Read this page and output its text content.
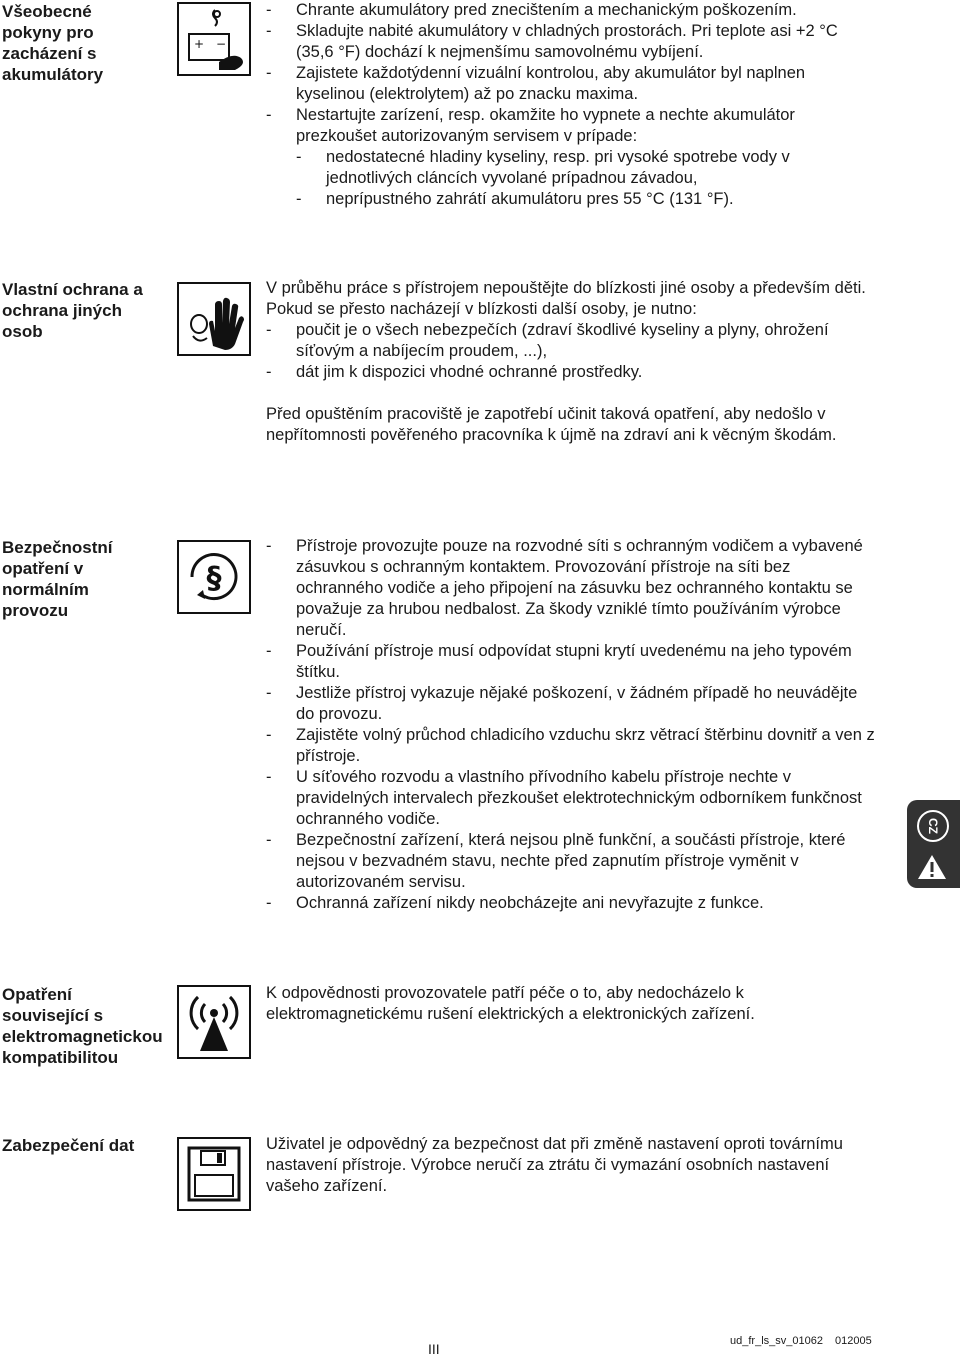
Všeobecné pokyny pro zacházení s akumulátory
+ −
- Chrante akumulátory pred znecištením a mechanickým poškozením.
- Skladujte nabité akumulátory v chladných prostorách. Pri teplote asi +2 °C (35,6 °F) dochází k nejmenšímu samovolnému vybíjení.
- Zajistete každotýdenní vizuální kontrolou, aby akumulátor byl naplnen kyselinou (elektrolytem) až po znacku maxima.
- Nestartujte zarízení, resp. okamžite ho vypnete a nechte akumulátor prezkoušet autorizovaným servisem v prípade:
- nedostatecné hladiny kyseliny, resp. pri vysoké spotrebe vody v jednotlivých cláncích vyvolané prípadnou závadou,
- neprípustného zahrátí akumulátoru pres 55 °C (131 °F).
Vlastní ochrana a ochrana jiných osob

V průběhu práce s přístrojem nepouštějte do blízkosti jiné osoby a především děti. Pokud se přesto nacházejí v blízkosti další osoby, je nutno:

- poučit je o všech nebezpečích (zdraví škodlivé kyseliny a plyny, ohrožení síťovým a nabíjecím proudem, ...),
- dát jim k dispozici vhodné ochranné prostředky.

Před opuštěním pracoviště je zapotřebí učinit taková opatření, aby nedošlo v nepřítomnosti pověřeného pracovníka k újmě na zdraví ani k věcným škodám.

Bezpečnostní opatření v normálním provozu
§
- Přístroje provozujte pouze na rozvodné síti s ochranným vodičem a vybavené zásuvkou s ochranným kontaktem. Provozování přístroje na síti bez ochranného vodiče a jeho připojení na zásuvku bez ochranného kontaktu se považuje za hrubou nedbalost. Za škody vzniklé tímto používáním výrobce neručí.
- Používání přístroje musí odpovídat stupni krytí uvedenému na jeho typovém štítku.
- Jestliže přístroj vykazuje nějaké poškození, v žádném případě ho neuvádějte do provozu.
- Zajistěte volný průchod chladicího vzduchu skrz větrací štěrbinu dovnitř a ven z přístroje.
- U síťového rozvodu a vlastního přívodního kabelu přístroje nechte v pravidelných intervalech přezkoušet elektrotechnickým odborníkem funkčnost ochranného vodiče.
- Bezpečnostní zařízení, která nejsou plně funkční, a součásti přístroje, které nejsou v bezvadném stavu, nechte před zapnutím přístroje vyměnit v autorizovaném servisu.
- Ochranná zařízení nikdy neobcházejte ani nevyřazujte z funkce.
Opatření související s elektromagnetickou kompatibilitou

K odpovědnosti provozovatele patří péče o to, aby nedocházelo k elektromagnetickému rušení elektrických a elektronických zařízení.

Zabezpečení dat	Uživatel je odpovědný za bezpečnost dat při změně nastavení oproti továrnímu nastavení přístroje. Výrobce neručí za ztrátu či vymazání osobních nastavení vašeho zařízení.

CZ
III	ud_fr_ls_sv_01062 012005
